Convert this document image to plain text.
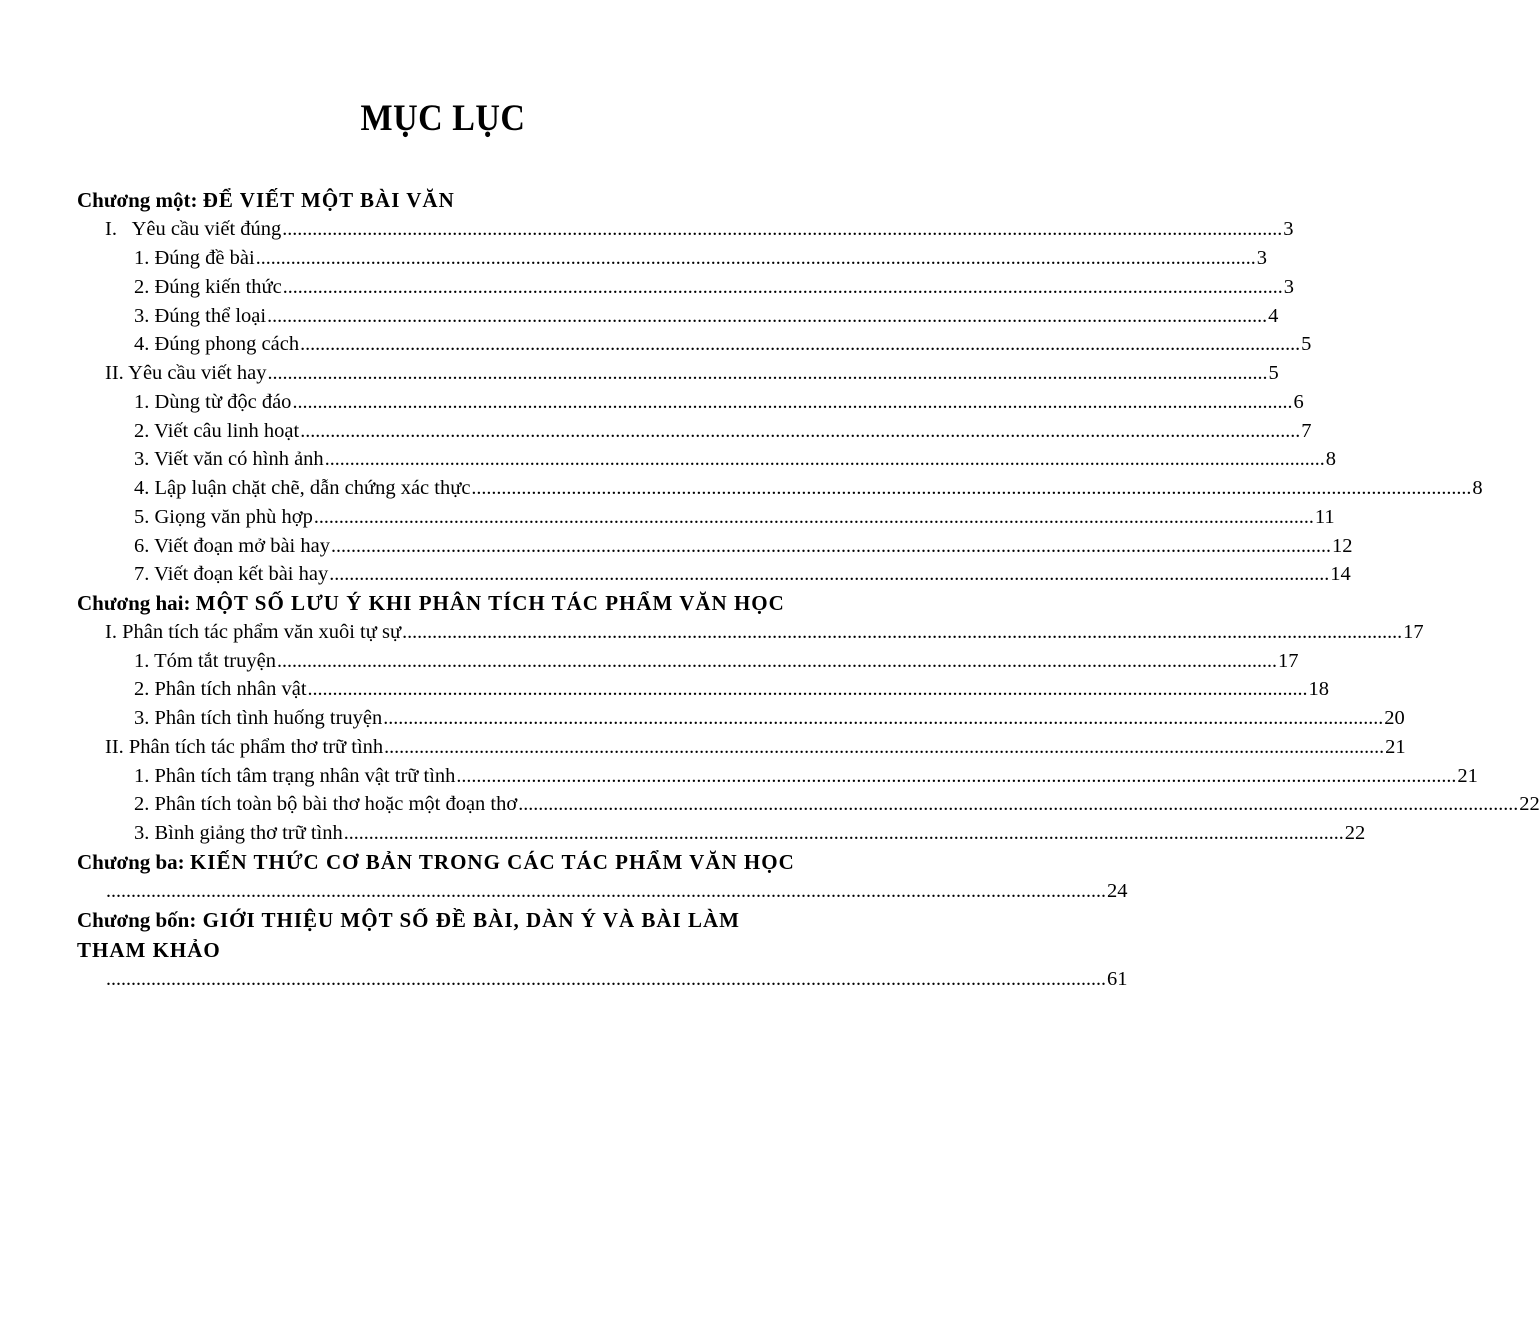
MỤC LỤC
Chương một: ĐỂ VIẾT MỘT BÀI VĂN
I.   Yêu cầu viết đúng ........................................................................................................................................................................................................ 3
1. Đúng đề bài ........................................................................................................................................................................................................ 3
2. Đúng kiến thức ........................................................................................................................................................................................................ 3
3. Đúng thể loại ........................................................................................................................................................................................................ 4
4. Đúng phong cách ........................................................................................................................................................................................................ 5
II. Yêu cầu viết hay ........................................................................................................................................................................................................ 5
1. Dùng từ độc đáo ........................................................................................................................................................................................................ 6
2. Viết câu linh hoạt ........................................................................................................................................................................................................ 7
3. Viết văn có hình ảnh ........................................................................................................................................................................................................ 8
4. Lập luận chặt chẽ, dẫn chứng xác thực ........................................................................................................................................................................................................ 8
5. Giọng văn phù hợp ........................................................................................................................................................................................................ 11
6. Viết đoạn mở bài hay ........................................................................................................................................................................................................ 12
7. Viết đoạn kết bài hay ........................................................................................................................................................................................................ 14
Chương hai: MỘT SỐ LƯU Ý KHI PHÂN TÍCH TÁC PHẨM VĂN HỌC
I. Phân tích tác phẩm văn xuôi tự sự ........................................................................................................................................................................................................ 17
1. Tóm tắt truyện ........................................................................................................................................................................................................ 17
2. Phân tích nhân vật ........................................................................................................................................................................................................ 18
3. Phân tích tình huống truyện ........................................................................................................................................................................................................ 20
II. Phân tích tác phẩm thơ trữ tình ........................................................................................................................................................................................................ 21
1. Phân tích tâm trạng nhân vật trữ tình ........................................................................................................................................................................................................ 21
2. Phân tích toàn bộ bài thơ hoặc một đoạn thơ ........................................................................................................................................................................................................ 22
3. Bình giảng thơ trữ tình ........................................................................................................................................................................................................ 22
Chương ba: KIẾN THỨC CƠ BẢN TRONG CÁC TÁC PHẨM VĂN HỌC
........................................................................................................................................................................................................ 24
Chương bốn: GIỚI THIỆU MỘT SỐ ĐỀ BÀI, DÀN Ý VÀ BÀI LÀM THAM KHẢO
........................................................................................................................................................................................................ 61
